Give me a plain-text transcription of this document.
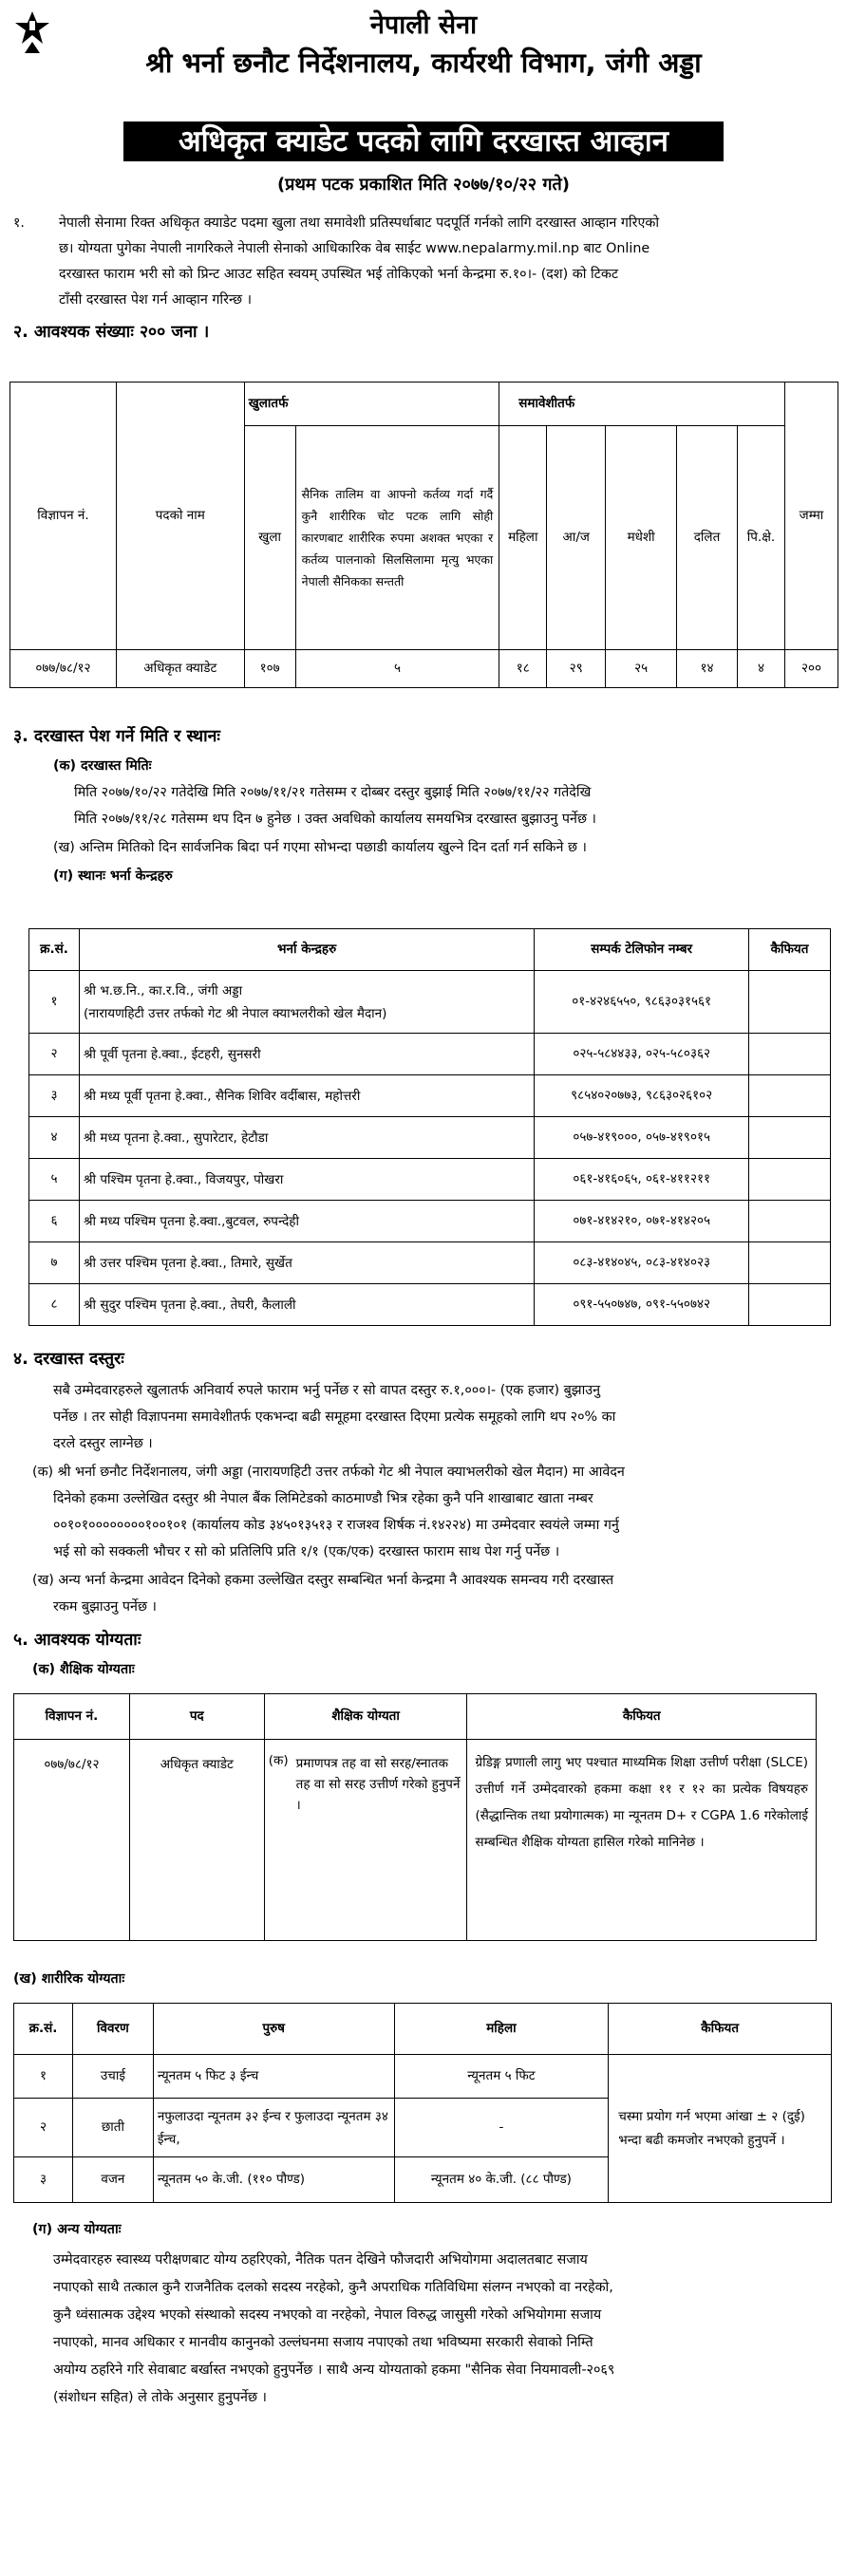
नेपाली सेना
श्री भर्ना छनौट निर्देशनालय, कार्यरथी विभाग, जंगी अड्डा
अधिकृत क्याडेट पदको लागि दरखास्त आव्हान
(प्रथम पटक प्रकाशित मिति २०७७/१०/२२ गते)
१.	नेपाली सेनामा रिक्त अधिकृत क्याडेट पदमा खुला तथा समावेशी प्रतिस्पर्धाबाट पदपूर्ति गर्नको लागि दरखास्त आव्हान गरिएको
छ। योग्यता पुगेका नेपाली नागरिकले नेपाली सेनाको आधिकारिक वेब साईट www.nepalarmy.mil.np बाट Online
दरखास्त फाराम भरी सो को प्रिन्ट आउट सहित स्वयम् उपस्थित भई तोकिएको भर्ना केन्द्रमा रु.१०।- (दश) को टिकट
टाँसी दरखास्त पेश गर्न आव्हान गरिन्छ ।
२. आवश्यक संख्याः २०० जना ।
विज्ञापन नं.	पदको नाम	खुलातर्फ		समावेशीतर्फ					जम्मा
		खुला	सैनिक तालिम वा आफ्नो कर्तव्य गर्दा गर्दै कुनै शारीरिक चोट पटक लागि सोही कारणबाट शारीरिक रुपमा अशक्त भएका र कर्तव्य पालनाको सिलसिलामा मृत्यु भएका नेपाली सैनिकका सन्तती	महिला	आ/ज	मधेशी	दलित	पि.क्षे.	
०७७/७८/१२	अधिकृत क्याडेट	१०७	५	१८	२९	२५	१४	४	२००
३. दरखास्त पेश गर्ने मिति र स्थानः
(क) दरखास्त मितिः
मिति २०७७/१०/२२ गतेदेखि मिति २०७७/११/२१ गतेसम्म र दोब्बर दस्तुर बुझाई मिति २०७७/११/२२ गतेदेखि
मिति २०७७/११/२८ गतेसम्म थप दिन ७ हुनेछ । उक्त अवधिको कार्यालय समयभित्र दरखास्त बुझाउनु पर्नेछ ।
(ख) अन्तिम मितिको दिन सार्वजनिक बिदा पर्न गएमा सोभन्दा पछाडी कार्यालय खुल्ने दिन दर्ता गर्न सकिने छ ।
(ग) स्थानः भर्ना केन्द्रहरु
क्र.सं.	भर्ना केन्द्रहरु	सम्पर्क टेलिफोन नम्बर	कैफियत
१	श्री भ.छ.नि., का.र.वि., जंगी अड्डा
(नारायणहिटी उत्तर तर्फको गेट श्री नेपाल क्याभलरीको खेल मैदान)	०१-४२४६५५०, ९८६३०३१५६१	
२	श्री पूर्वी पृतना हे.क्वा., ईटहरी, सुनसरी	०२५-५८४४३३, ०२५-५८०३६२	
३	श्री मध्य पूर्वी पृतना हे.क्वा., सैनिक शिविर वर्दीबास, महोत्तरी	९८५४०२०७७३, ९८६३०२६१०२	
४	श्री मध्य पृतना हे.क्वा., सुपारेटार, हेटौडा	०५७-४१९०००, ०५७-४१९०१५	
५	श्री पश्चिम पृतना हे.क्वा., विजयपुर, पोखरा	०६१-४१६०६५, ०६१-४११२११	
६	श्री मध्य पश्चिम पृतना हे.क्वा.,बुटवल, रुपन्देही	०७१-४१४२१०, ०७१-४१४२०५	
७	श्री उत्तर पश्चिम पृतना हे.क्वा., तिमारे, सुर्खेत	०८३-४१४०४५, ०८३-४१४०२३	
८	श्री सुदुर पश्चिम पृतना हे.क्वा., तेघरी, कैलाली	०९१-५५०७४७, ०९१-५५०७४२	
४. दरखास्त दस्तुरः
सबै उम्मेदवारहरुले खुलातर्फ अनिवार्य रुपले फाराम भर्नु पर्नेछ र सो वापत दस्तुर रु.१,०००।- (एक हजार) बुझाउनु
पर्नेछ । तर सोही विज्ञापनमा समावेशीतर्फ एकभन्दा बढी समूहमा दरखास्त दिएमा प्रत्येक समूहको लागि थप २०% का
दरले दस्तुर लाग्नेछ ।
(क) श्री भर्ना छनौट निर्देशनालय, जंगी अड्डा (नारायणहिटी उत्तर तर्फको गेट श्री नेपाल क्याभलरीको खेल मैदान) मा आवेदन
दिनेको हकमा उल्लेखित दस्तुर श्री नेपाल बैंक लिमिटेडको काठमाण्डौ भित्र रहेका कुनै पनि शाखाबाट खाता नम्बर
००१०१००००००००१००१०१ (कार्यालय कोड ३४५०१३५१३ र राजश्व शिर्षक नं.१४२२४) मा उम्मेदवार स्वयंले जम्मा गर्नु
भई सो को सक्कली भौचर र सो को प्रतिलिपि प्रति १/१ (एक/एक) दरखास्त फाराम साथ पेश गर्नु पर्नेछ ।
(ख) अन्य भर्ना केन्द्रमा आवेदन दिनेको हकमा उल्लेखित दस्तुर सम्बन्धित भर्ना केन्द्रमा नै आवश्यक समन्वय गरी दरखास्त
रकम बुझाउनु पर्नेछ ।
५. आवश्यक योग्यताः
(क) शैक्षिक योग्यताः
विज्ञापन नं.	पद	शैक्षिक योग्यता	कैफियत
०७७/७८/१२	अधिकृत क्याडेट	(क) प्रमाणपत्र तह वा सो सरह/स्नातक तह वा सो सरह उत्तीर्ण गरेको हुनुपर्ने ।	ग्रेडिङ्ग प्रणाली लागु भए पश्चात माध्यमिक शिक्षा उत्तीर्ण परीक्षा (SLCE) उत्तीर्ण गर्ने उम्मेदवारको हकमा कक्षा ११ र १२ का प्रत्येक विषयहरु (सैद्धान्तिक तथा प्रयोगात्मक) मा न्यूनतम D+ र CGPA 1.6 गरेकोलाई सम्बन्धित शैक्षिक योग्यता हासिल गरेको मानिनेछ ।
(ख) शारीरिक योग्यताः
क्र.सं.	विवरण	पुरुष	महिला	कैफियत
१	उचाई	न्यूनतम ५ फिट ३ ईन्च	न्यूनतम ५ फिट	चस्मा प्रयोग गर्न भएमा आंखा ± २ (दुई) भन्दा बढी कमजोर नभएको हुनुपर्ने ।
२	छाती	नफुलाउदा न्यूनतम ३२ ईन्च र फुलाउदा न्यूनतम ३४ ईन्च,	-	
३	वजन	न्यूनतम ५० के.जी. (११० पौण्ड)	न्यूनतम ४० के.जी. (८८ पौण्ड)	
(ग) अन्य योग्यताः
उम्मेदवारहरु स्वास्थ्य परीक्षणबाट योग्य ठहरिएको, नैतिक पतन देखिने फौजदारी अभियोगमा अदालतबाट सजाय
नपाएको साथै तत्काल कुनै राजनैतिक दलको सदस्य नरहेको, कुनै अपराधिक गतिविधिमा संलग्न नभएको वा नरहेको,
कुनै ध्वंसात्मक उद्देश्य भएको संस्थाको सदस्य नभएको वा नरहेको, नेपाल विरुद्ध जासुसी गरेको अभियोगमा सजाय
नपाएको, मानव अधिकार र मानवीय कानुनको उल्लंघनमा सजाय नपाएको तथा भविष्यमा सरकारी सेवाको निम्ति
अयोग्य ठहरिने गरि सेवाबाट बर्खास्त नभएको हुनुपर्नेछ । साथै अन्य योग्यताको हकमा "सैनिक सेवा नियमावली-२०६९
(संशोधन सहित) ले तोके अनुसार हुनुपर्नेछ ।
